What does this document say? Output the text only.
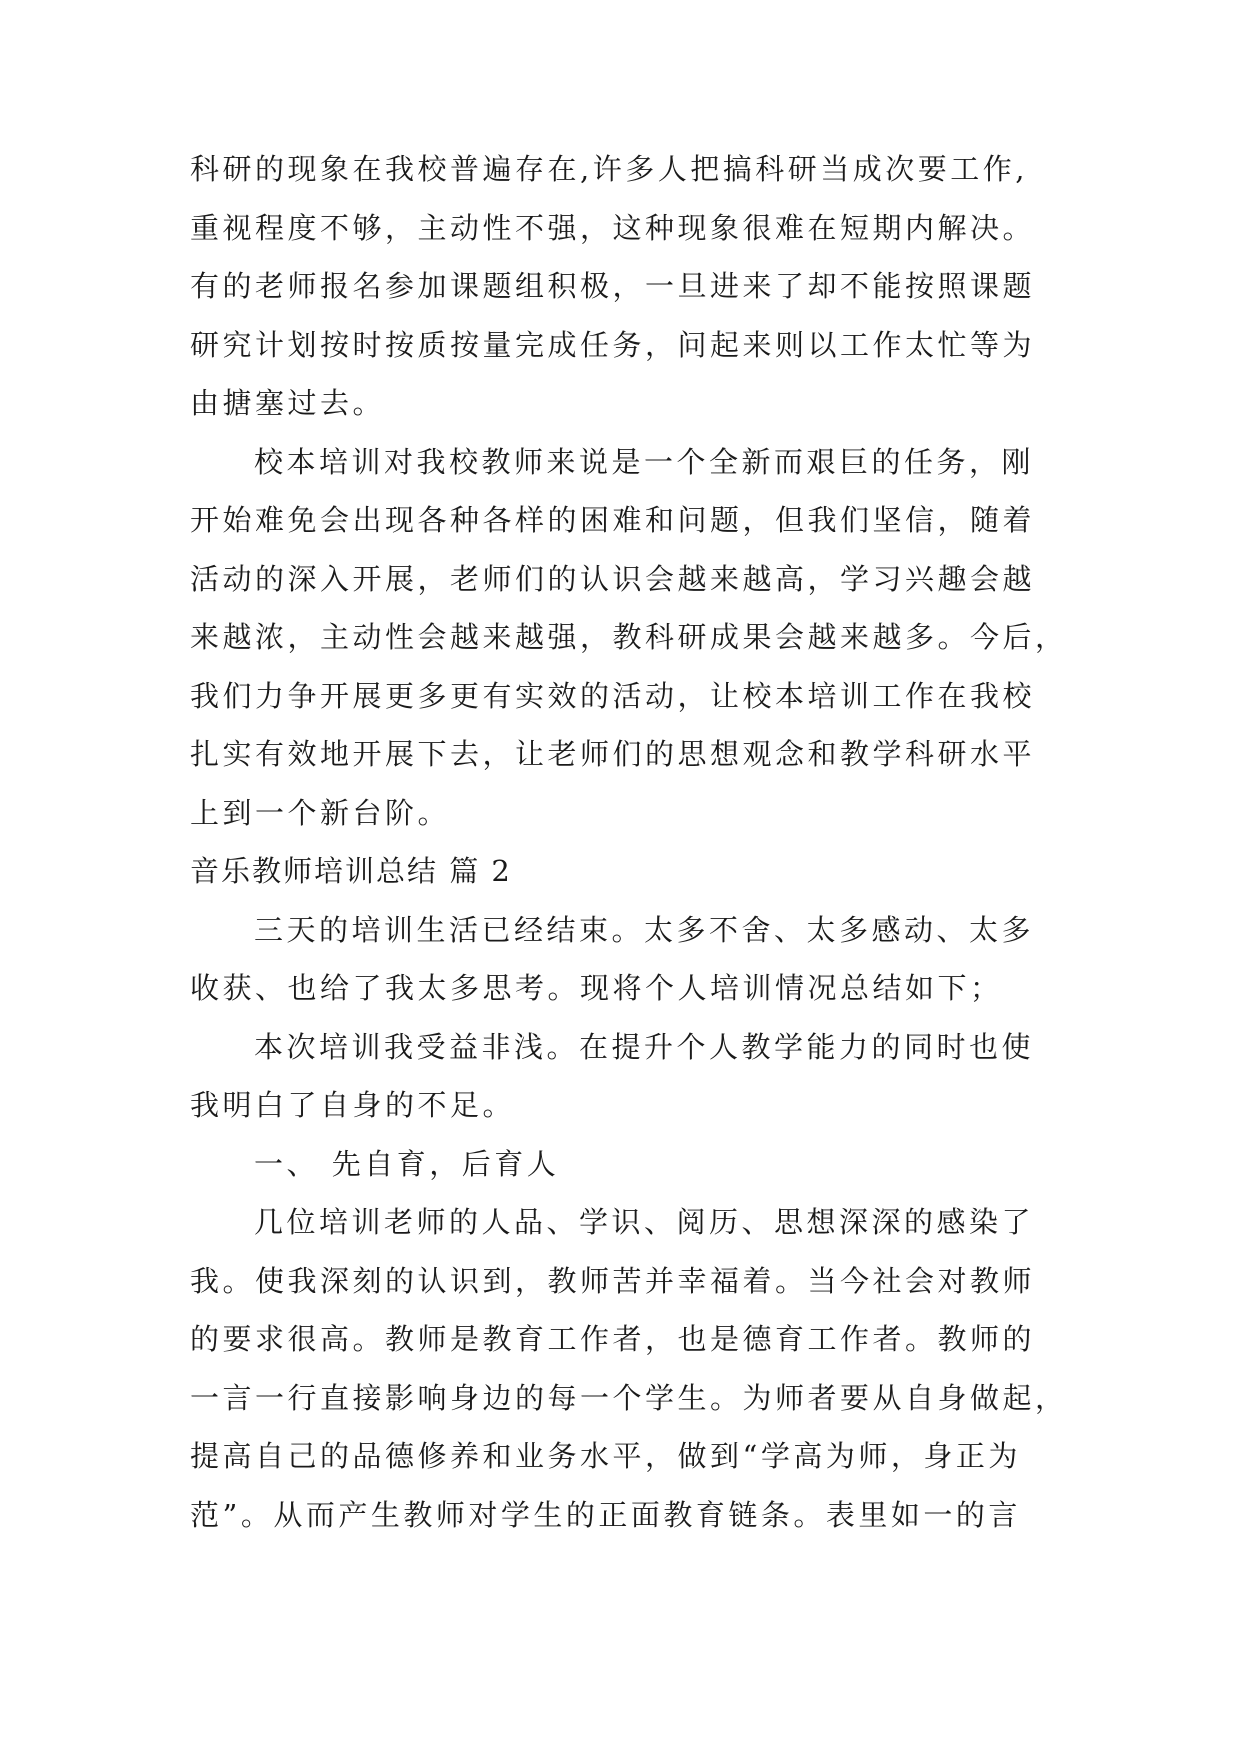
科研的现象在我校普遍存在,许多人把搞科研当成次要工作,
重视程度不够，主动性不强，这种现象很难在短期内解决。
有的老师报名参加课题组积极，一旦进来了却不能按照课题
研究计划按时按质按量完成任务，问起来则以工作太忙等为
由搪塞过去。
校本培训对我校教师来说是一个全新而艰巨的任务，刚
开始难免会出现各种各样的困难和问题，但我们坚信，随着
活动的深入开展，老师们的认识会越来越高，学习兴趣会越
来越浓，主动性会越来越强，教科研成果会越来越多。今后，
我们力争开展更多更有实效的活动，让校本培训工作在我校
扎实有效地开展下去，让老师们的思想观念和教学科研水平
上到一个新台阶。
音乐教师培训总结 篇 2
三天的培训生活已经结束。太多不舍、太多感动、太多
收获、也给了我太多思考。现将个人培训情况总结如下；
本次培训我受益非浅。在提升个人教学能力的同时也使
我明白了自身的不足。
一、 先自育，后育人
几位培训老师的人品、学识、阅历、思想深深的感染了
我。使我深刻的认识到，教师苦并幸福着。当今社会对教师
的要求很高。教师是教育工作者，也是德育工作者。教师的
一言一行直接影响身边的每一个学生。为师者要从自身做起，
提高自己的品德修养和业务水平，做到“学高为师，身正为
范”。从而产生教师对学生的正面教育链条。表里如一的言
